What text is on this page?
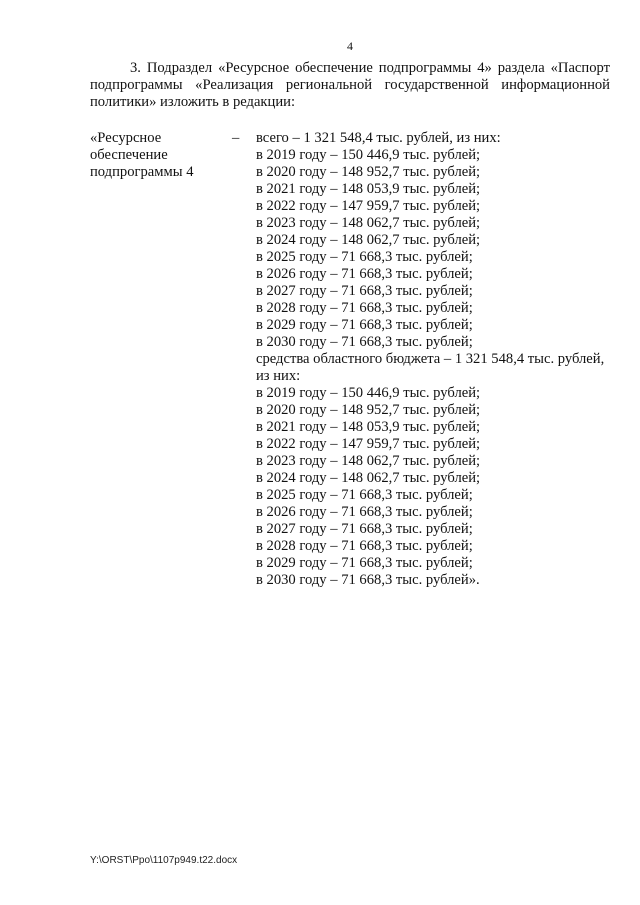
4
3. Подраздел «Ресурсное обеспечение подпрограммы 4» раздела «Паспорт
подпрограммы «Реализация региональной государственной информационной
политики» изложить в редакции:
«Ресурсное
обеспечение
подпрограммы 4
– всего – 1 321 548,4 тыс. рублей, из них:
в 2019 году – 150 446,9 тыс. рублей;
в 2020 году – 148 952,7 тыс. рублей;
в 2021 году – 148 053,9 тыс. рублей;
в 2022 году – 147 959,7 тыс. рублей;
в 2023 году – 148 062,7 тыс. рублей;
в 2024 году – 148 062,7 тыс. рублей;
в 2025 году – 71 668,3 тыс. рублей;
в 2026 году – 71 668,3 тыс. рублей;
в 2027 году – 71 668,3 тыс. рублей;
в 2028 году – 71 668,3 тыс. рублей;
в 2029 году – 71 668,3 тыс. рублей;
в 2030 году – 71 668,3 тыс. рублей;
средства областного бюджета – 1 321 548,4 тыс. рублей,
из них:
в 2019 году – 150 446,9 тыс. рублей;
в 2020 году – 148 952,7 тыс. рублей;
в 2021 году – 148 053,9 тыс. рублей;
в 2022 году – 147 959,7 тыс. рублей;
в 2023 году – 148 062,7 тыс. рублей;
в 2024 году – 148 062,7 тыс. рублей;
в 2025 году – 71 668,3 тыс. рублей;
в 2026 году – 71 668,3 тыс. рублей;
в 2027 году – 71 668,3 тыс. рублей;
в 2028 году – 71 668,3 тыс. рублей;
в 2029 году – 71 668,3 тыс. рублей;
в 2030 году – 71 668,3 тыс. рублей».
Y:\ORST\Ppo\1107p949.t22.docx
